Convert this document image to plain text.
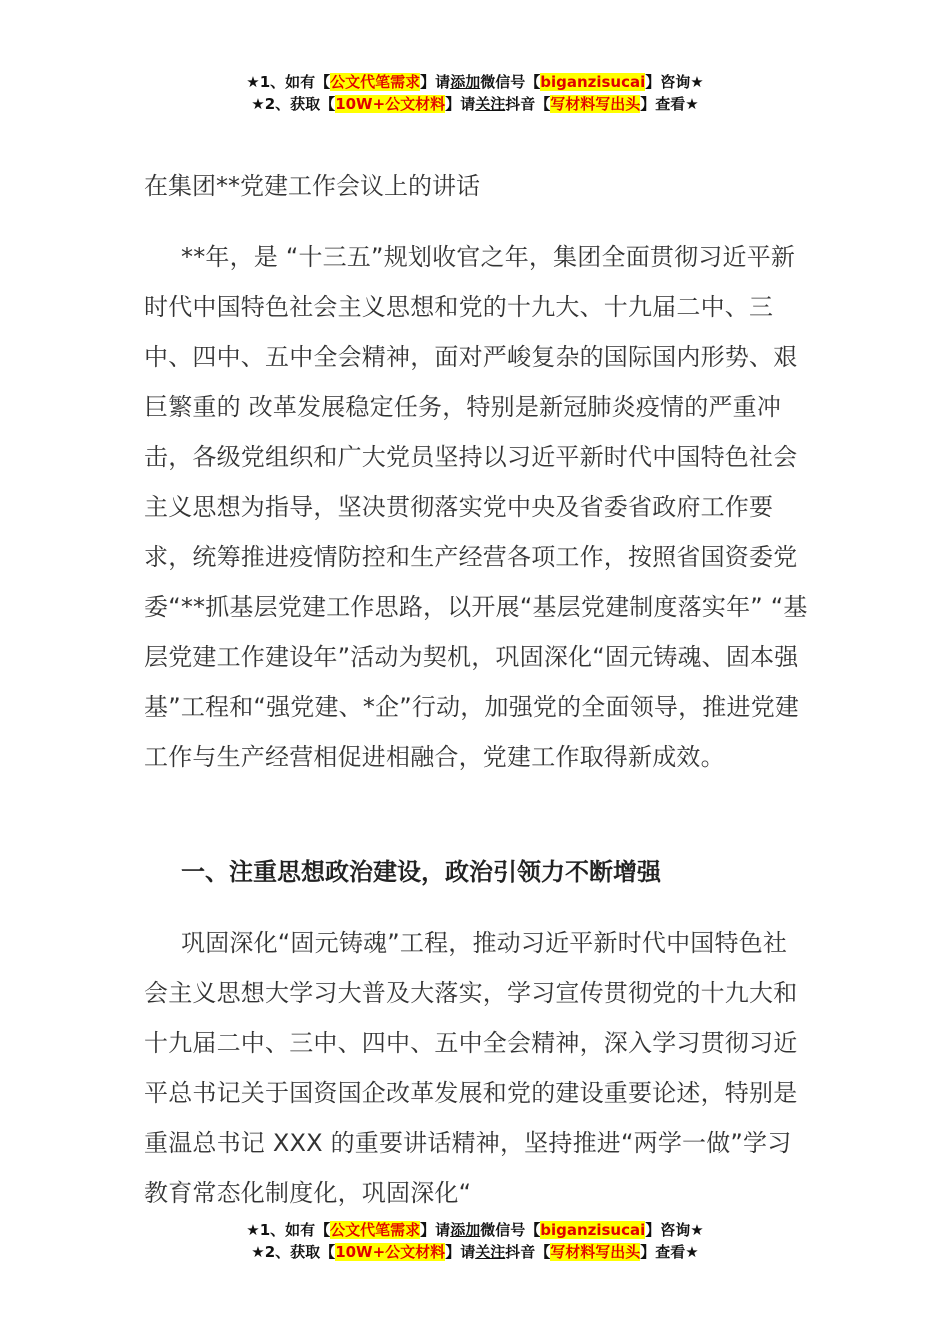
★1、如有【公文代笔需求】请添加微信号【biganzisucai】咨询★
★2、获取【10W+公文材料】请关注抖音【写材料写出头】查看★
在集团**党建工作会议上的讲话

**年，是 “十三五”规划收官之年，集团全面贯彻习近平新时代中国特色社会主义思想和党的十九大、十九届二中、三中、四中、五中全会精神，面对严峻复杂的国际国内形势、艰巨繁重的 改革发展稳定任务，特别是新冠肺炎疫情的严重冲击，各级党组织和广大党员坚持以习近平新时代中国特色社会主义思想为指导，坚决贯彻落实党中央及省委省政府工作要求，统筹推进疫情防控和生产经营各项工作，按照省国资委党委“**抓基层党建工作思路，以开展“基层党建制度落实年” “基层党建工作建设年”活动为契机，巩固深化“固元铸魂、固本强基”工程和“强党建、*企”行动，加强党的全面领导，推进党建工作与生产经营相促进相融合，党建工作取得新成效。

一、注重思想政治建设，政治引领力不断增强

巩固深化“固元铸魂”工程，推动习近平新时代中国特色社会主义思想大学习大普及大落实，学习宣传贯彻党的十九大和十九届二中、三中、四中、五中全会精神，深入学习贯彻习近平总书记关于国资国企改革发展和党的建设重要论述，特别是重温总书记 XXX 的重要讲话精神，坚持推进“两学一做”学习教育常态化制度化，巩固深化“

★1、如有【公文代笔需求】请添加微信号【biganzisucai】咨询★
★2、获取【10W+公文材料】请关注抖音【写材料写出头】查看★
